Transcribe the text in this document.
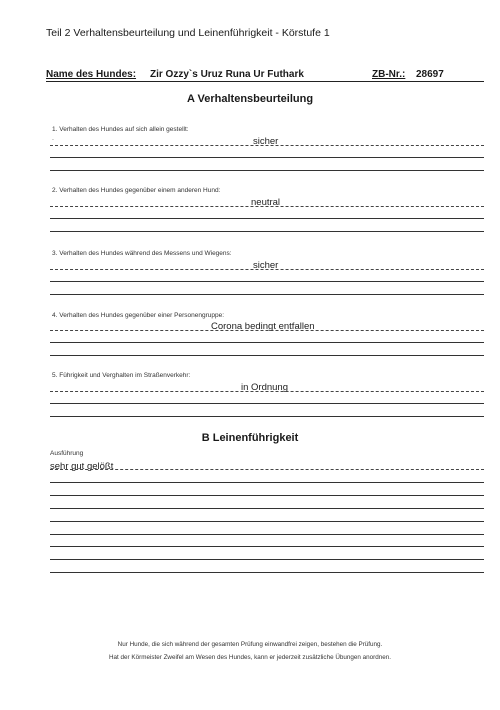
Teil 2 Verhaltensbeurteilung und Leinenführigkeit - Körstufe 1
Name des Hundes: Zir Ozzy`s Uruz Runa Ur Futhark	ZB-Nr.: 28697
A Verhaltensbeurteilung
1. Verhalten des Hundes auf sich allein gestellt:
.	sicher
2. Verhalten des Hundes gegenüber einem anderen Hund:
neutral
3. Verhalten des Hundes während des Messens und Wiegens:
sicher
4. Verhalten des Hundes gegenüber einer Personengruppe:
Corona bedingt entfallen
5. Führigkeit und Verghalten im Straßenverkehr:
in Ordnung
B Leinenführigkeit
Ausführung
sehr gut gelößt
Nur Hunde, die sich während der gesamten Prüfung einwandfrei zeigen, bestehen die Prüfung.
Hat der Körmeister Zweifel am Wesen des Hundes, kann er jederzeit zusätzliche Übungen anordnen.
